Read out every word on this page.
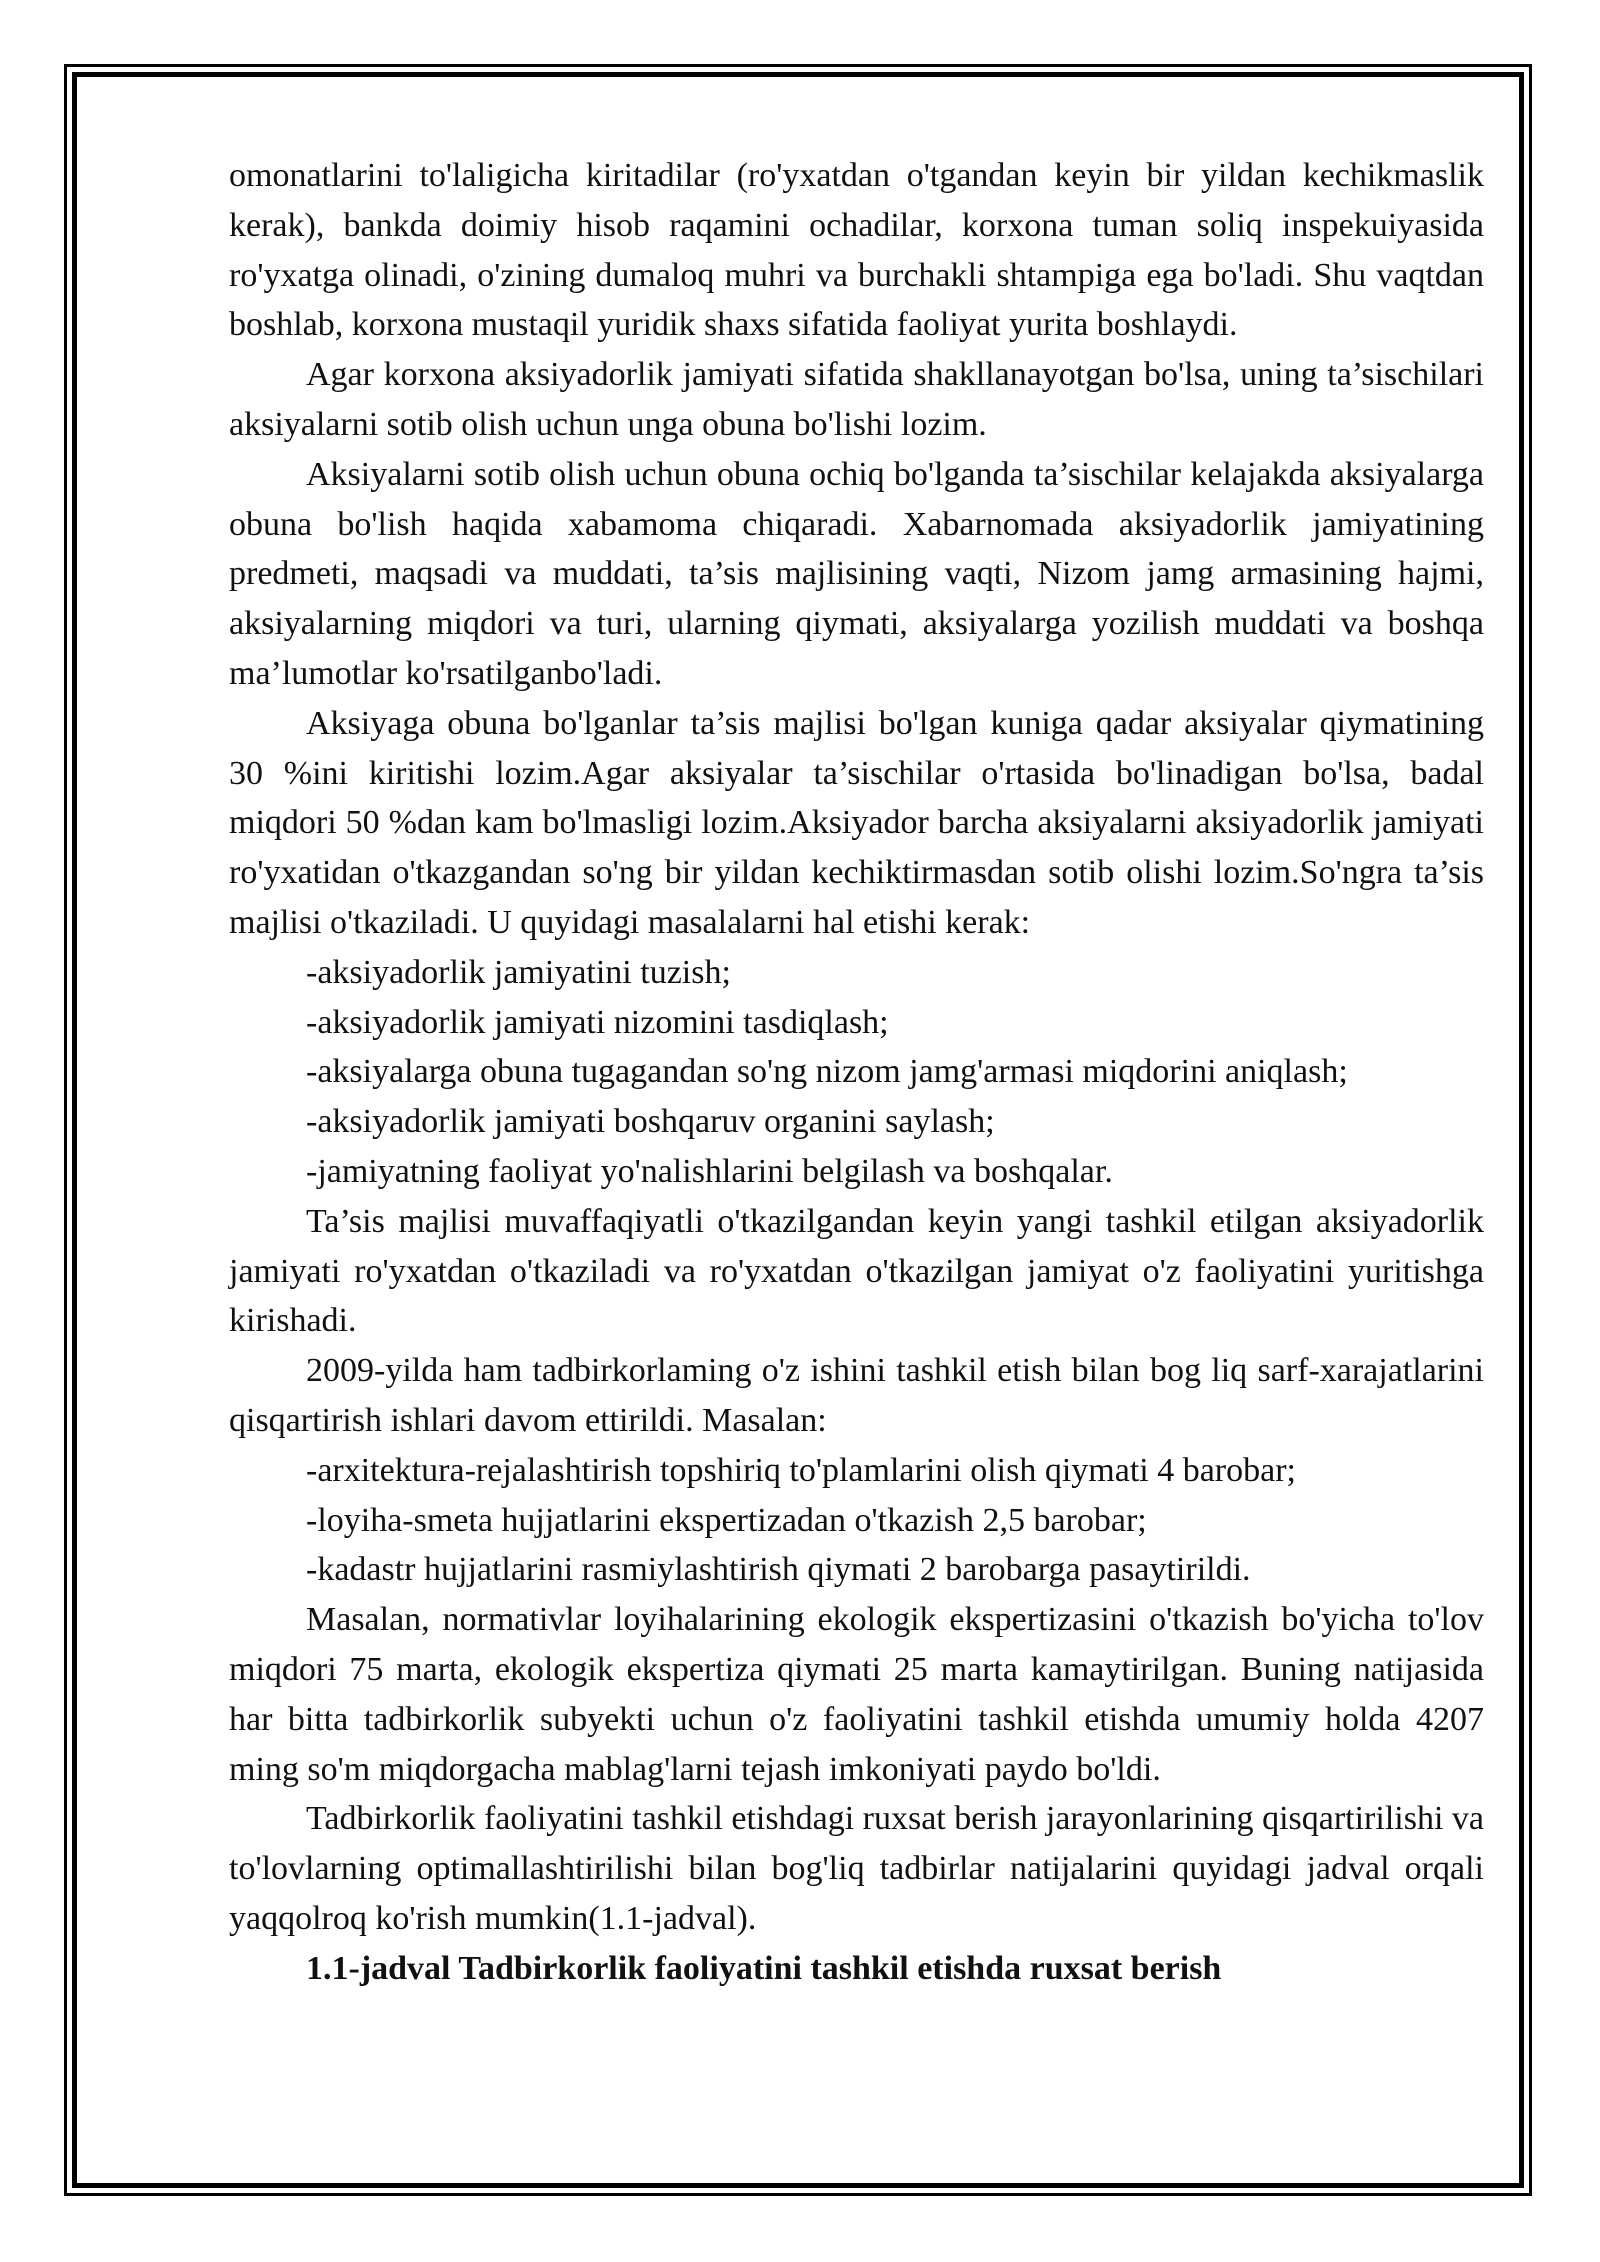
omonatlarini to'laligicha kiritadilar (ro'yxatdan o'tgandan keyin bir yildan kechikmaslik kerak), bankda doimiy hisob raqamini ochadilar, korxona tuman soliq inspekuiyasida ro'yxatga olinadi, o'zining dumaloq muhri va burchakli shtampiga ega bo'ladi. Shu vaqtdan boshlab, korxona mustaqil yuridik shaxs sifatida faoliyat yurita boshlaydi.

Agar korxona aksiyadorlik jamiyati sifatida shakllanayotgan bo'lsa, uning ta’sischilari aksiyalarni sotib olish uchun unga obuna bo'lishi lozim.

Aksiyalarni sotib olish uchun obuna ochiq bo'lganda ta’sischilar kelajakda aksiyalarga obuna bo'lish haqida xabamoma chiqaradi. Xabarnomada aksiyadorlik jamiyatining predmeti, maqsadi va muddati, ta’sis majlisining vaqti, Nizom jamg armasining hajmi, aksiyalarning miqdori va turi, ularning qiymati, aksiyalarga yozilish muddati va boshqa ma’lumotlar ko'rsatilganbo'ladi.

Aksiyaga obuna bo'lganlar ta’sis majlisi bo'lgan kuniga qadar aksiyalar qiymatining 30 %ini kiritishi lozim.Agar aksiyalar ta’sischilar o'rtasida bo'linadigan bo'lsa, badal miqdori 50 %dan kam bo'lmasligi lozim.Aksiyador barcha aksiyalarni aksiyadorlik jamiyati ro'yxatidan o'tkazgandan so'ng bir yildan kechiktirmasdan sotib olishi lozim.So'ngra ta’sis majlisi o'tkaziladi. U quyidagi masalalarni hal etishi kerak:

-aksiyadorlik jamiyatini tuzish;

-aksiyadorlik jamiyati nizomini tasdiqlash;

-aksiyalarga obuna tugagandan so'ng nizom jamg'armasi miqdorini aniqlash;

-aksiyadorlik jamiyati boshqaruv organini saylash;

-jamiyatning faoliyat yo'nalishlarini belgilash va boshqalar.

Ta’sis majlisi muvaffaqiyatli o'tkazilgandan keyin yangi tashkil etilgan aksiyadorlik jamiyati ro'yxatdan o'tkaziladi va ro'yxatdan o'tkazilgan jamiyat o'z faoliyatini yuritishga kirishadi.

2009-yilda ham tadbirkorlaming o'z ishini tashkil etish bilan bog liq sarf-xarajatlarini qisqartirish ishlari davom ettirildi. Masalan:

-arxitektura-rejalashtirish topshiriq to'plamlarini olish qiymati 4 barobar;

-loyiha-smeta hujjatlarini ekspertizadan o'tkazish 2,5 barobar;

-kadastr hujjatlarini rasmiylashtirish qiymati 2 barobarga pasaytirildi.

Masalan, normativlar loyihalarining ekologik ekspertizasini o'tkazish bo'yicha to'lov miqdori 75 marta, ekologik ekspertiza qiymati 25 marta kamaytirilgan. Buning natijasida har bitta tadbirkorlik subyekti uchun o'z faoliyatini tashkil etishda umumiy holda 4207 ming so'm miqdorgacha mablag'larni tejash imkoniyati paydo bo'ldi.

Tadbirkorlik faoliyatini tashkil etishdagi ruxsat berish jarayonlarining qisqartirilishi va to'lovlarning optimallashtirilishi bilan bog'liq tadbirlar natijalarini quyidagi jadval orqali yaqqolroq ko'rish mumkin(1.1-jadval).

1.1-jadval Tadbirkorlik faoliyatini tashkil etishda ruxsat berish
